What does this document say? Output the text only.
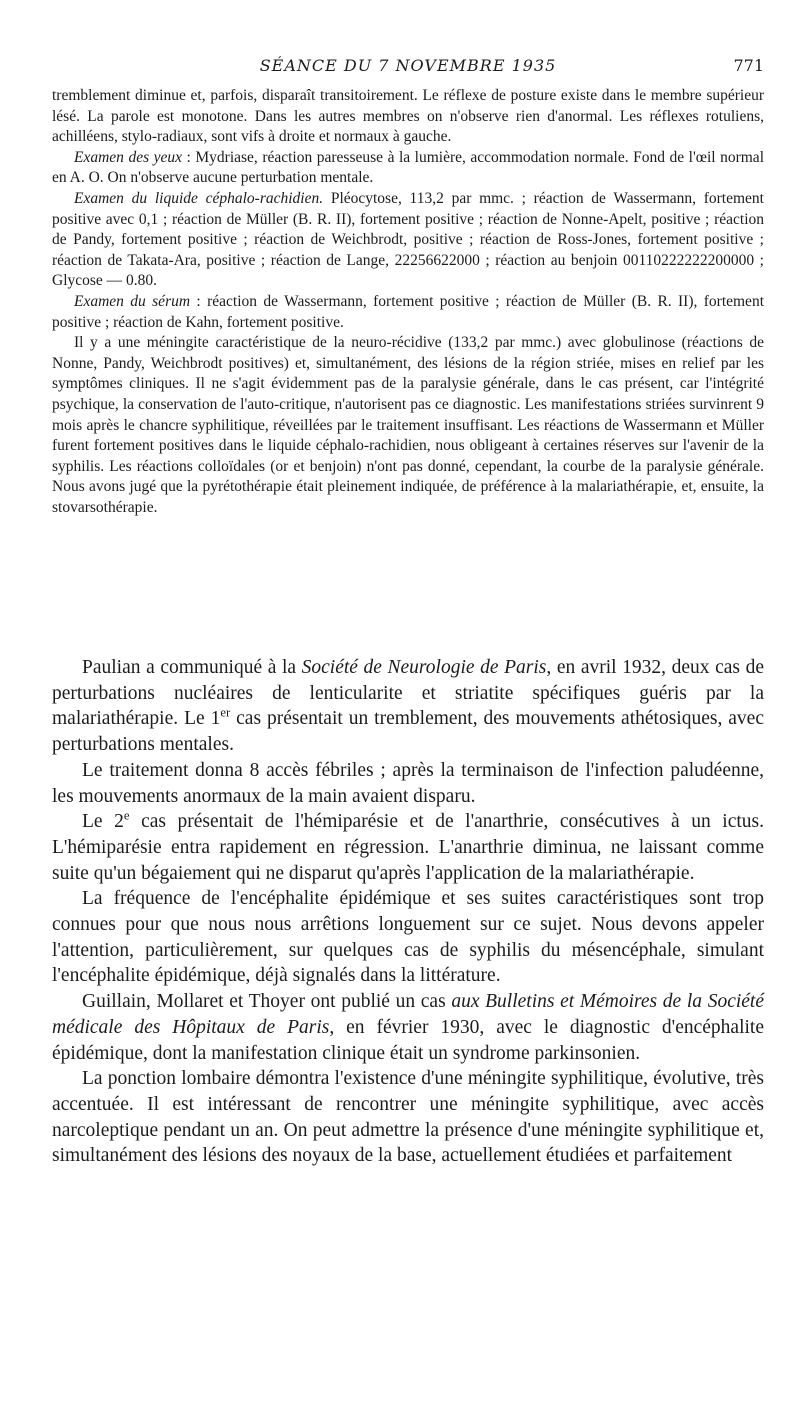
SÉANCE DU 7 NOVEMBRE 1935	771

tremblement diminue et, parfois, disparaît transitoirement. Le réflexe de posture existe dans le membre supérieur lésé. La parole est monotone. Dans les autres membres on n'observe rien d'anormal. Les réflexes rotuliens, achilléens, stylo-radiaux, sont vifs à droite et normaux à gauche.

Examen des yeux : Mydriase, réaction paresseuse à la lumière, accommodation normale. Fond de l'œil normal en A. O. On n'observe aucune perturbation mentale.

Examen du liquide céphalo-rachidien. Pléocytose, 113,2 par mmc. ; réaction de Wassermann, fortement positive avec 0,1 ; réaction de Müller (B. R. II), fortement positive ; réaction de Nonne-Apelt, positive ; réaction de Pandy, fortement positive ; réaction de Weichbrodt, positive ; réaction de Ross-Jones, fortement positive ; réaction de Takata-Ara, positive ; réaction de Lange, 22256622000 ; réaction au benjoin 00110222222200000 ; Glycose — 0.80.

Examen du sérum : réaction de Wassermann, fortement positive ; réaction de Müller (B. R. II), fortement positive ; réaction de Kahn, fortement positive.

Il y a une méningite caractéristique de la neuro-récidive (133,2 par mmc.) avec globulinose (réactions de Nonne, Pandy, Weichbrodt positives) et, simultanément, des lésions de la région striée, mises en relief par les symptômes cliniques. Il ne s'agit évidemment pas de la paralysie générale, dans le cas présent, car l'intégrité psychique, la conservation de l'auto-critique, n'autorisent pas ce diagnostic. Les manifestations striées survinrent 9 mois après le chancre syphilitique, réveillées par le traitement insuffisant. Les réactions de Wassermann et Müller furent fortement positives dans le liquide céphalo-rachidien, nous obligeant à certaines réserves sur l'avenir de la syphilis. Les réactions colloïdales (or et benjoin) n'ont pas donné, cependant, la courbe de la paralysie générale. Nous avons jugé que la pyrétothérapie était pleinement indiquée, de préférence à la malariathérapie, et, ensuite, la stovarsothérapie.

Paulian a communiqué à la Société de Neurologie de Paris, en avril 1932, deux cas de perturbations nucléaires de lenticularite et striatite spécifiques guéris par la malariathérapie. Le 1er cas présentait un tremblement, des mouvements athétosiques, avec perturbations mentales.

Le traitement donna 8 accès fébriles ; après la terminaison de l'infection paludéenne, les mouvements anormaux de la main avaient disparu.

Le 2e cas présentait de l'hémiparésie et de l'anarthrie, consécutives à un ictus. L'hémiparésie entra rapidement en régression. L'anarthrie diminua, ne laissant comme suite qu'un bégaiement qui ne disparut qu'après l'application de la malariathérapie.

La fréquence de l'encéphalite épidémique et ses suites caractéristiques sont trop connues pour que nous nous arrêtions longuement sur ce sujet. Nous devons appeler l'attention, particulièrement, sur quelques cas de syphilis du mésencéphale, simulant l'encéphalite épidémique, déjà signalés dans la littérature.

Guillain, Mollaret et Thoyer ont publié un cas aux Bulletins et Mémoires de la Société médicale des Hôpitaux de Paris, en février 1930, avec le diagnostic d'encéphalite épidémique, dont la manifestation clinique était un syndrome parkinsonien.

La ponction lombaire démontra l'existence d'une méningite syphilitique, évolutive, très accentuée. Il est intéressant de rencontrer une méningite syphilitique, avec accès narcoleptique pendant un an. On peut admettre la présence d'une méningite syphilitique et, simultanément des lésions des noyaux de la base, actuellement étudiées et parfaitement
